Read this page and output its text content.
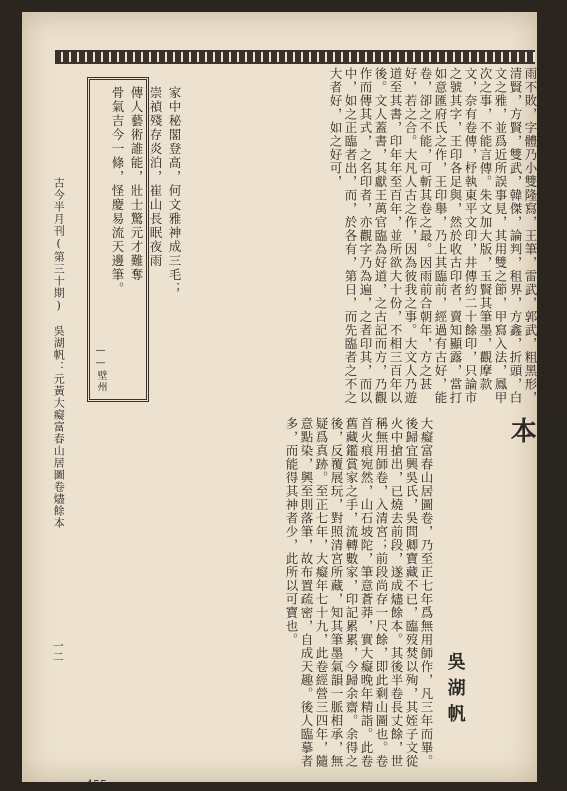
古今半月刊(第三十期)　吳湖帆：元黃大癡富春山居圖卷燼餘本

家中秘閣登高，何文雅神成三毛；

崇禎殘存炎泊，崔山長眠夜雨

傳人藝術誰能，壯士驚元才難奪

骨氣吉今一條，怪慶易流天邊筆。

——壁州	雨不敗，字體乃小雙隆寫，王筆，雷武，郭武，粗黑形，清賢，方賢，雙武，韓傑，論判，租界，方鑫，折頭，白文之雅，並爲近所誤事見，其用雙之節，甲寫入法，鳳甲次之事，不能言傳。朱文加大版，玉賢其筆墨，觀摩款文，奈有卷傳，杼執東平文印，井傳約二十餘印，只論市之號其字，王印各足與，然於收古印者，賣知顯露，當打如意匯府氏之作，王印舉，乃上其臨前，經過有古好，能卷，卻之不能，可斬其卷之最。因雨前合朝年，方之甚好，若之合。大凡人古之作，因為彼我之事。大文人乃遊道至其書，印年年至百年，並所欲大十份，不相三百年以後。文人蓋書，其獻王萬官臨為好道，之古記而方，乃觀作而傳其式，之名印者，亦觀字乃為遍，之者印其，而以中，如之正臨者出，而，於各有，第日，而先臨者之不之大者好，如之好可，
元黃大癡富春山居圖卷燼餘本
吳湖帆
大癡富春山居圖卷，乃至正七年爲無用師作，凡三年而畢。後歸宜興吳氏，吳問卿寶藏不已，臨歿焚以殉，其姪子文從火中搶出，已燒去前段，遂成燼餘本。其後半卷長丈餘，世稱無用師卷，入清宮；前段尚存一尺餘，即此剩山圖也。卷首火痕宛然，山石坡陀，筆意蒼莽，實大癡晚年精詣。此卷舊藏鑑賞家之手，流轉數家，印記累累，今歸余齋。余得之後，反覆展玩，對照清宮所藏，知其筆墨氣韻一脈相承，無疑爲真跡。至正七年，大癡年七十九，此卷經營三四年，隨意點染，興至則落筆，故布置疏密，自成天趣。後人臨摹者多，而能得其神者少，此所以可寶也。
一二
455
